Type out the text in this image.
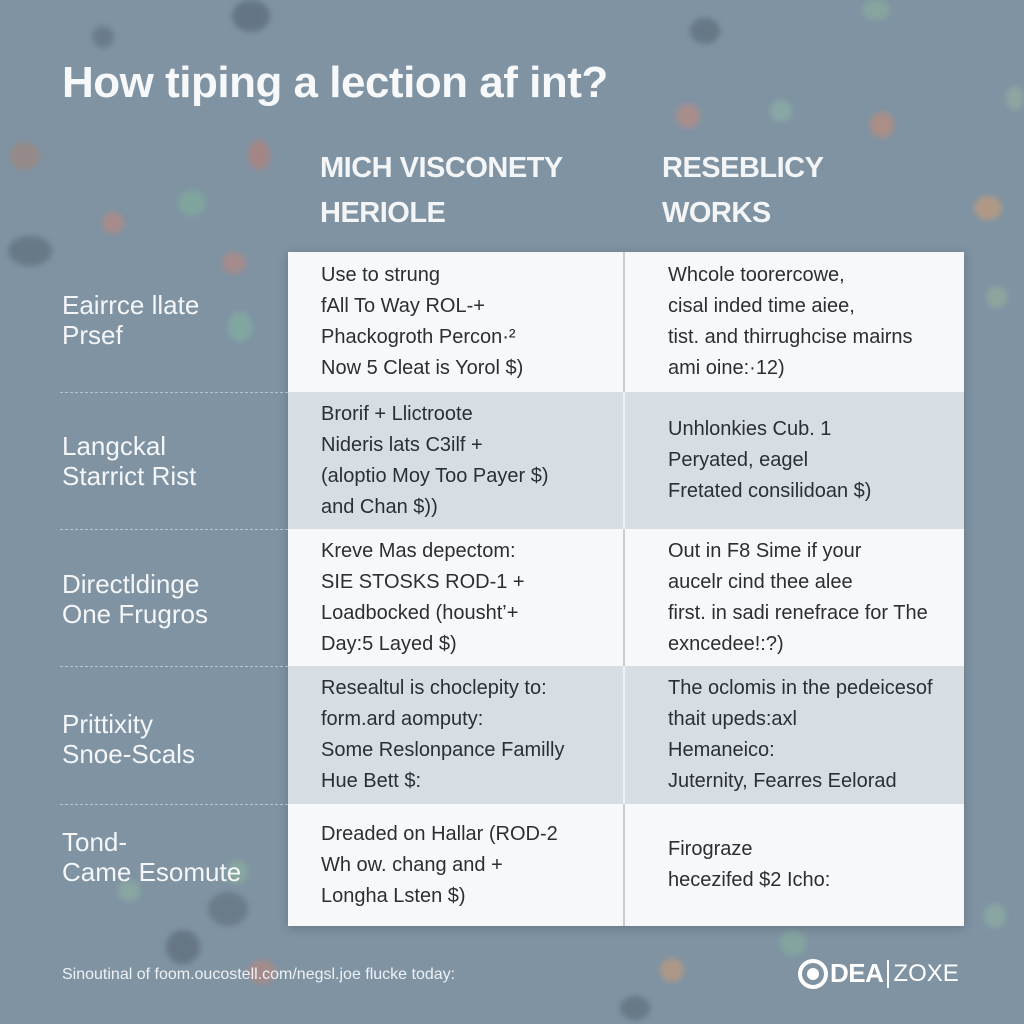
How tiping a lection af int?
MICH VISCONETY
HERIOLE
RESEBLICY
WORKS
Eairrce llate
Prsef
Langckal
Starrict Rist
Directldinge
One Frugros
Prittixity
Snoe-Scals
Tond-
Came Esomute
Use to strung
fAll To Way ROL-+
Phackogroth Percon·²
Now 5 Cleat is Yorol $)
Whcole toorercowe,
cisal inded time aiee,
tist. and thirrughcise mairns
ami oine:·12)
Brorif + Llictroote
Nideris lats C3ilf +
(aloptio Moy Too Payer $)
and Chan $))
Unhlonkies Cub. 1
Peryated, eagel
Fretated consilidoan $)
Kreve Mas depectom:
SIE STOSKS ROD-1 +
Loadbocked (housht’+
Day:5 Layed $)
Out in F8 Sime if your
aucelr cind thee alee
first. in sadi renefrace for The
exncedee!:?)
Resealtul is choclepity to:
form.ard aomputy:
Some Reslonpance Familly
Hue Bett $:
The oclomis in the pedeicesof
thait upeds:axl
Hemaneico:
Juternity, Fearres Eelorad
Dreaded on Hallar (ROD-2
Wh ow. chang and +
Longha Lsten $)
Firograze
hecezifed $2 Icho:
Sinoutinal of foom.oucostell.com/negsl.joe flucke today:	DEA ZOXE
